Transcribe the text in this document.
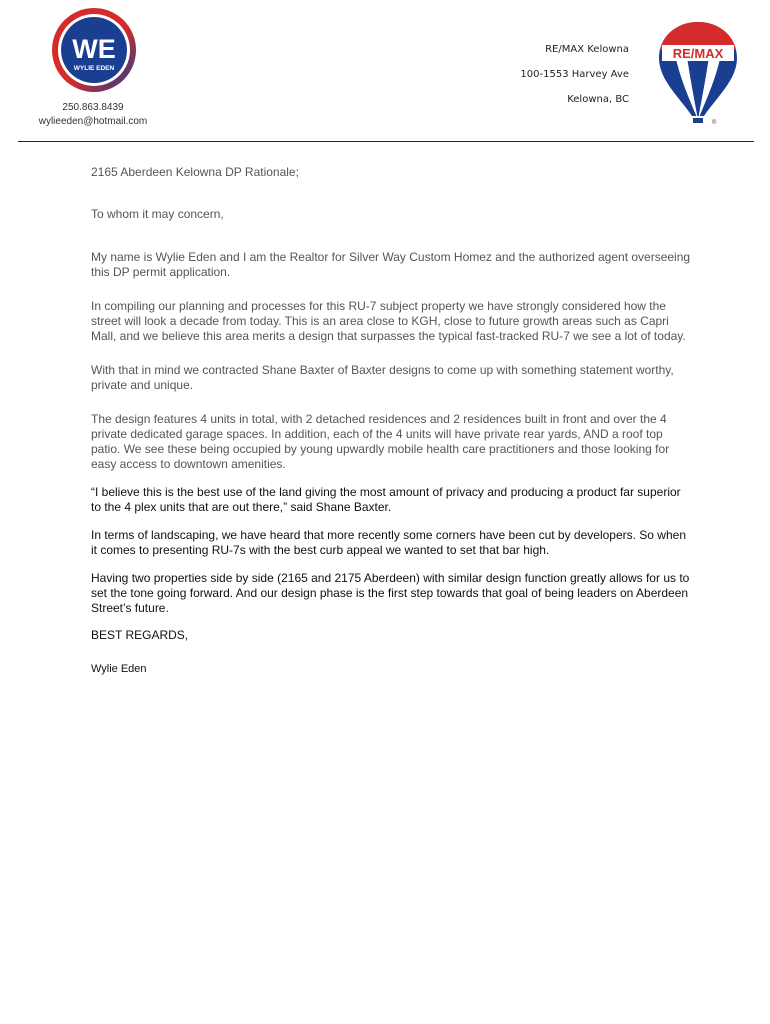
WE
WYLIE EDEN
250.863.8439
wylieeden@hotmail.com
RE/MAX Kelowna
100-1553 Harvey Ave
Kelowna, BC
RE/MAX
®

2165 Aberdeen Kelowna DP Rationale;

To whom it may concern,

My name is Wylie Eden and I am the Realtor for Silver Way Custom Homez and the authorized agent overseeing this DP permit application.

In compiling our planning and processes for this RU-7 subject property we have strongly considered how the street will look a decade from today. This is an area close to KGH, close to future growth areas such as Capri Mall, and we believe this area merits a design that surpasses the typical fast-tracked RU-7 we see a lot of today.

With that in mind we contracted Shane Baxter of Baxter designs to come up with something statement worthy, private and unique.

The design features 4 units in total, with 2 detached residences and 2 residences built in front and over the 4 private dedicated garage spaces. In addition, each of the 4 units will have private rear yards, AND a roof top patio. We see these being occupied by young upwardly mobile health care practitioners and those looking for easy access to downtown amenities.

“I believe this is the best use of the land giving the most amount of privacy and producing a product far superior to the 4 plex units that are out there,” said Shane Baxter.

In terms of landscaping, we have heard that more recently some corners have been cut by developers. So when it comes to presenting RU-7s with the best curb appeal we wanted to set that bar high.

Having two properties side by side (2165 and 2175 Aberdeen) with similar design function greatly allows for us to set the tone going forward. And our design phase is the first step towards that goal of being leaders on Aberdeen Street’s future.

BEST REGARDS,

Wylie Eden
